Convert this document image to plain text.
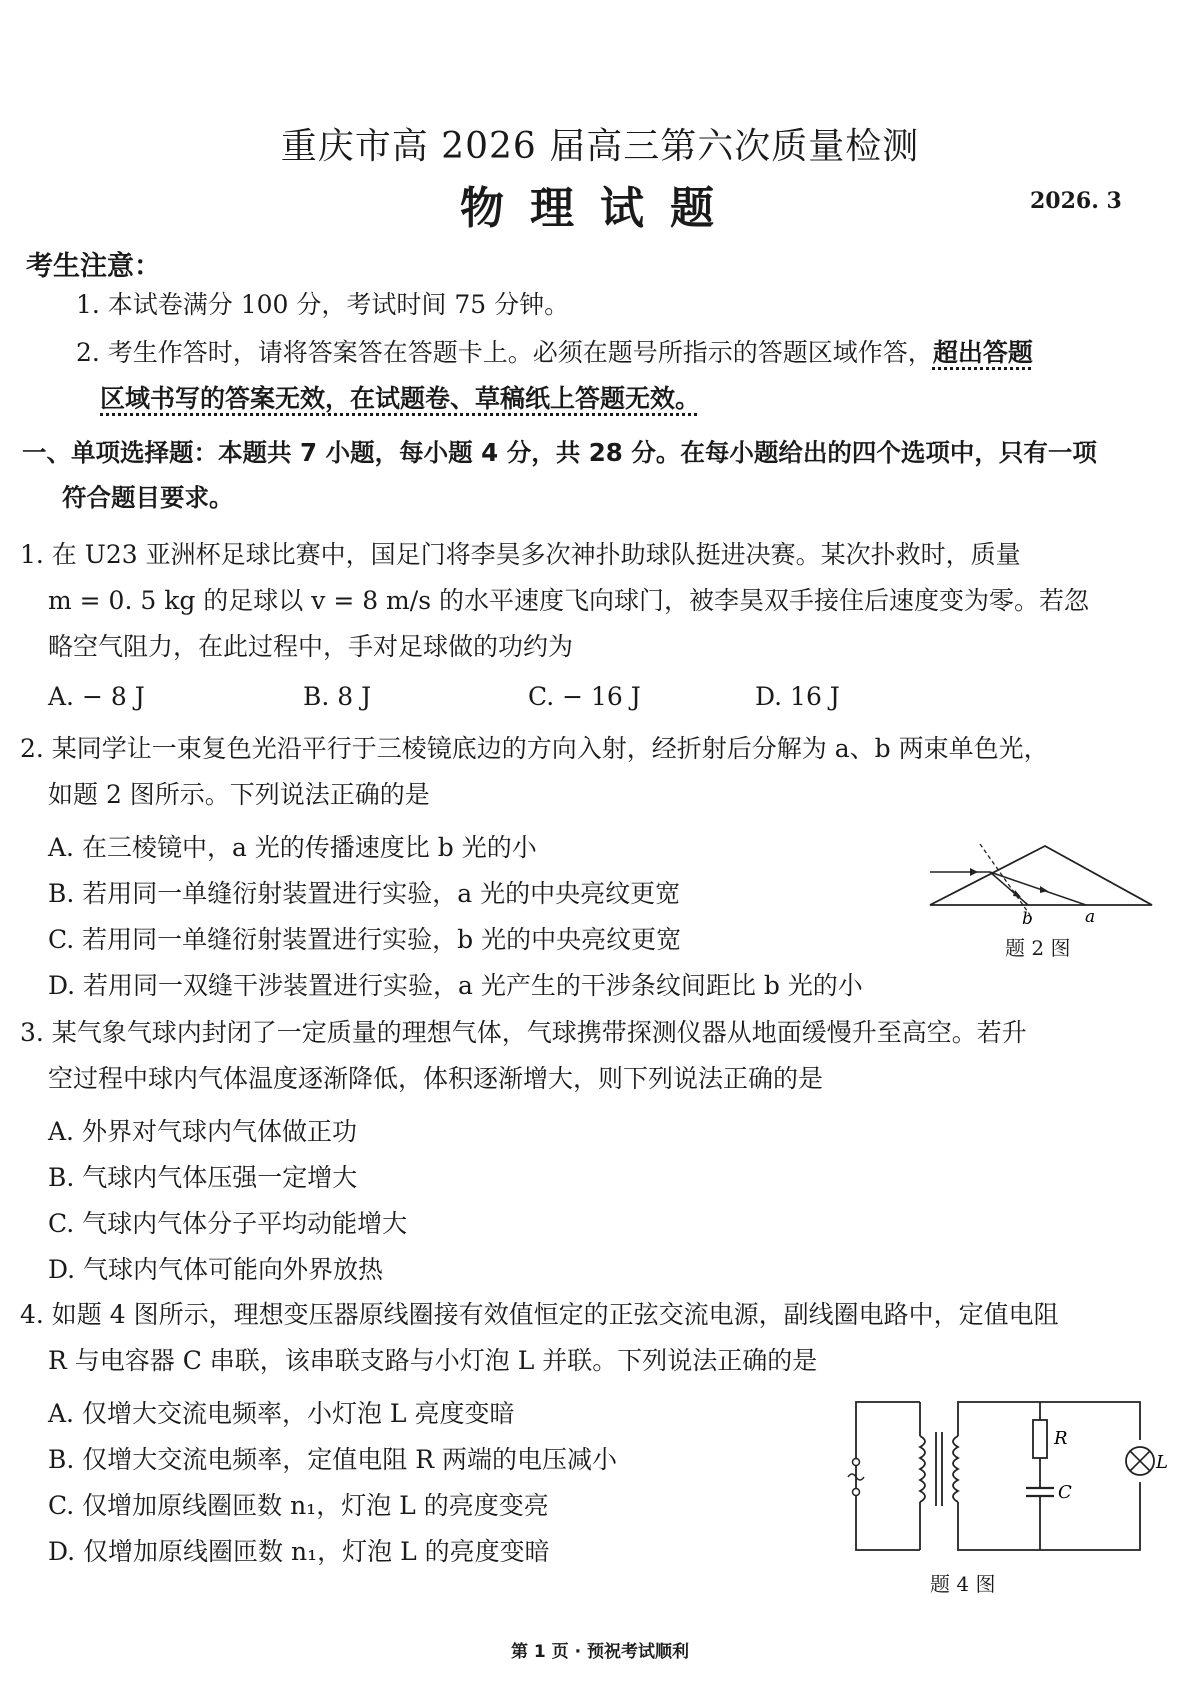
重庆市高 2026 届高三第六次质量检测
物理试题	2026. 3
考生注意：
1. 本试卷满分 100 分，考试时间 75 分钟。
2. 考生作答时，请将答案答在答题卡上。必须在题号所指示的答题区域作答，超出答题
区域书写的答案无效，在试题卷、草稿纸上答题无效。
一、单项选择题：本题共 7 小题，每小题 4 分，共 28 分。在每小题给出的四个选项中，只有一项
符合题目要求。
1. 在 U23 亚洲杯足球比赛中，国足门将李昊多次神扑助球队挺进决赛。某次扑救时，质量
m = 0. 5 kg 的足球以 v = 8 m/s 的水平速度飞向球门，被李昊双手接住后速度变为零。若忽
略空气阻力，在此过程中，手对足球做的功约为
A. − 8 J	B. 8 J	C. − 16 J	D. 16 J
2. 某同学让一束复色光沿平行于三棱镜底边的方向入射，经折射后分解为 a、b 两束单色光，
如题 2 图所示。下列说法正确的是
A. 在三棱镜中，a 光的传播速度比 b 光的小
B. 若用同一单缝衍射装置进行实验，a 光的中央亮纹更宽
C. 若用同一单缝衍射装置进行实验，b 光的中央亮纹更宽
D. 若用同一双缝干涉装置进行实验，a 光产生的干涉条纹间距比 b 光的小
b	a
题 2 图
3. 某气象气球内封闭了一定质量的理想气体，气球携带探测仪器从地面缓慢升至高空。若升
空过程中球内气体温度逐渐降低，体积逐渐增大，则下列说法正确的是
A. 外界对气球内气体做正功
B. 气球内气体压强一定增大
C. 气球内气体分子平均动能增大
D. 气球内气体可能向外界放热
4. 如题 4 图所示，理想变压器原线圈接有效值恒定的正弦交流电源，副线圈电路中，定值电阻
R 与电容器 C 串联，该串联支路与小灯泡 L 并联。下列说法正确的是
A. 仅增大交流电频率，小灯泡 L 亮度变暗
B. 仅增大交流电频率，定值电阻 R 两端的电压减小
C. 仅增加原线圈匝数 n₁，灯泡 L 的亮度变亮
D. 仅增加原线圈匝数 n₁，灯泡 L 的亮度变暗
R
C
L
题 4 图
第 1 页 · 预祝考试顺利
